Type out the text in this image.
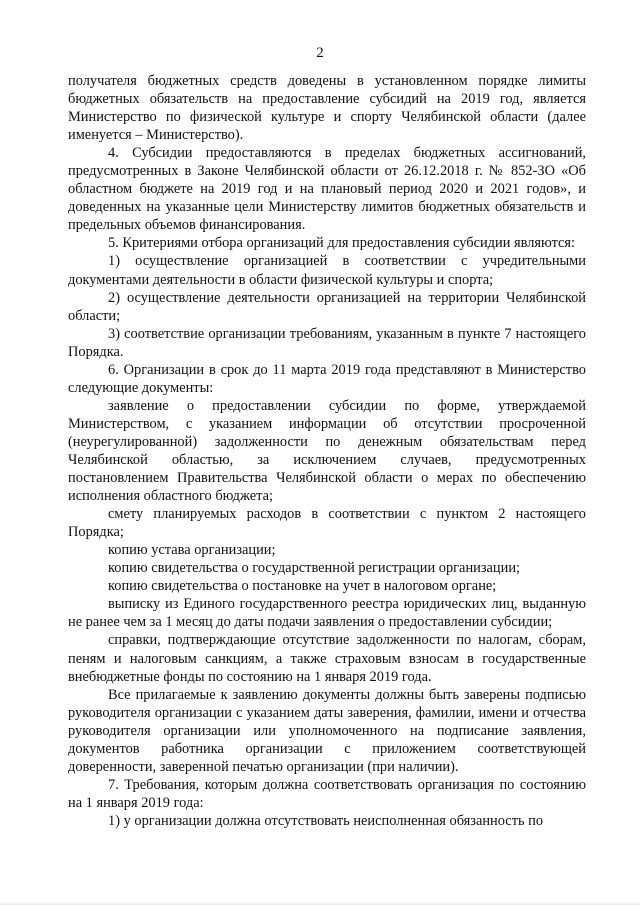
2

получателя бюджетных средств доведены в установленном порядке лимиты бюджетных обязательств на предоставление субсидий на 2019 год, является Министерство по физической культуре и спорту Челябинской области (далее именуется – Министерство).

4. Субсидии предоставляются в пределах бюджетных ассигнований, предусмотренных в Законе Челябинской области от 26.12.2018 г. № 852-ЗО «Об областном бюджете на 2019 год и на плановый период 2020 и 2021 годов», и доведенных на указанные цели Министерству лимитов бюджетных обязательств и предельных объемов финансирования.

5. Критериями отбора организаций для предоставления субсидии являются:

1) осуществление организацией в соответствии с учредительными документами деятельности в области физической культуры и спорта;

2) осуществление деятельности организацией на территории Челябинской области;

3) соответствие организации требованиям, указанным в пункте 7 настоящего Порядка.

6. Организации в срок до 11 марта 2019 года представляют в Министерство следующие документы:

заявление о предоставлении субсидии по форме, утверждаемой Министерством, с указанием информации об отсутствии просроченной (неурегулированной) задолженности по денежным обязательствам перед Челябинской областью, за исключением случаев, предусмотренных постановлением Правительства Челябинской области о мерах по обеспечению исполнения областного бюджета;

смету планируемых расходов в соответствии с пунктом 2 настоящего Порядка;

копию устава организации;

копию свидетельства о государственной регистрации организации;

копию свидетельства о постановке на учет в налоговом органе;

выписку из Единого государственного реестра юридических лиц, выданную не ранее чем за 1 месяц до даты подачи заявления о предоставлении субсидии;

справки, подтверждающие отсутствие задолженности по налогам, сборам, пеням и налоговым санкциям, а также страховым взносам в государственные внебюджетные фонды по состоянию на 1 января 2019 года.

Все прилагаемые к заявлению документы должны быть заверены подписью руководителя организации с указанием даты заверения, фамилии, имени и отчества руководителя организации или уполномоченного на подписание заявления, документов работника организации с приложением соответствующей доверенности, заверенной печатью организации (при наличии).

7. Требования, которым должна соответствовать организация по состоянию на 1 января 2019 года:

1) у организации должна отсутствовать неисполненная обязанность по
